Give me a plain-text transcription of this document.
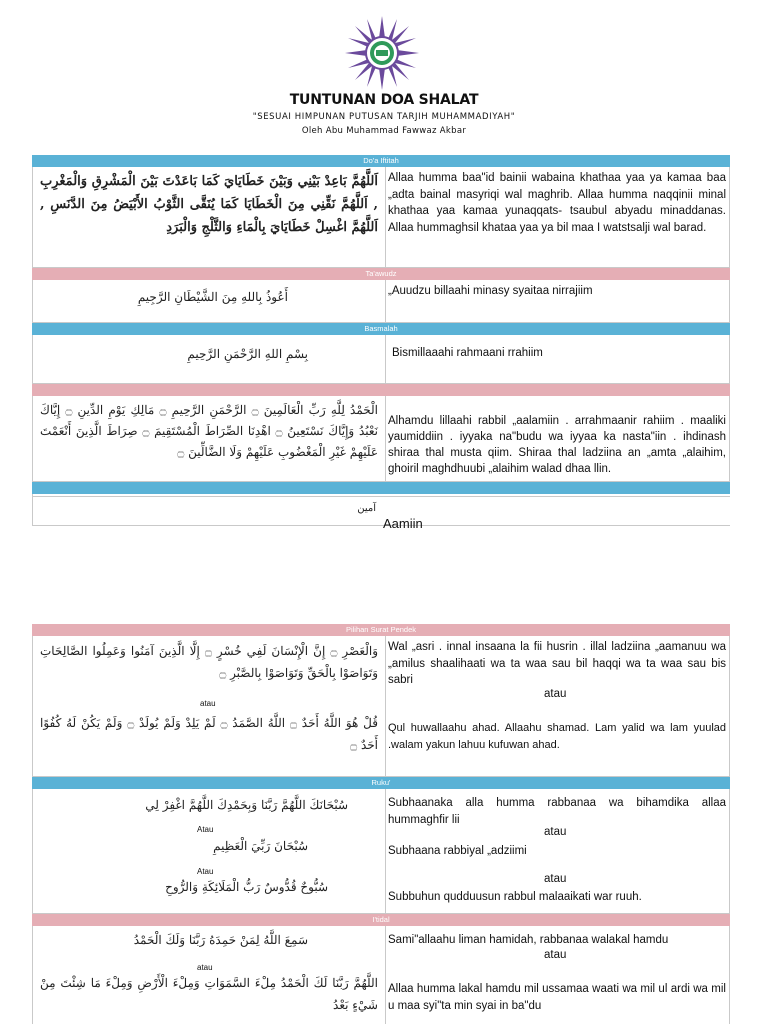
TUNTUNAN DOA SHALAT
"SESUAI HIMPUNAN PUTUSAN TARJIH MUHAMMADIYAH"
Oleh Abu Muhammad Fawwaz Akbar
Do'a Iftitah
اَللَّهُمَّ بَاعِدْ بَيْنِي وَبَيْنَ خَطَايَايَ كَمَا بَاعَدْتَ بَيْنَ الْمَشْرِقِ وَالْمَغْرِبِ , اَللَّهُمَّ نَقِّنِي مِنَ الْخَطَايَا كَمَا يُنَقَّى الثَّوْبُ الأَبْيَضُ مِنَ الدَّنَسِ , اَللَّهُمَّ اغْسِلْ خَطَايَايَ بِالْمَاءِ وَالثَّلْجِ وَالْبَرَدِ
Allaa humma baa"id bainii wabaina khathaa yaa ya kamaa baa „adta bainal masyriqi wal maghrib. Allaa humma naqqinii minal khathaa yaa kamaa yunaqqats- tsaubul abyadu minaddanas. Allaa hummaghsil khataa yaa ya bil maa I watstsalji wal barad.
Ta'awudz
أَعُوذُ بِاللهِ مِنَ الشَّيْطَانِ الرَّجِيمِ	„Auudzu billaahi minasy syaitaa nirrajiim
Basmalah
بِسْمِ اللهِ الرَّحْمَنِ الرَّحِيمِ	Bismillaaahi rahmaani rrahiim
الْحَمْدُ لِلَّهِ رَبِّ الْعَالَمِينَ ۝ الرَّحْمَنِ الرَّحِيمِ ۝ مَالِكِ يَوْمِ الدِّينِ ۝ إِيَّاكَ نَعْبُدُ وَإِيَّاكَ نَسْتَعِينُ ۝ اهْدِنَا الصِّرَاطَ الْمُسْتَقِيمَ ۝ صِرَاطَ الَّذِينَ أَنْعَمْتَ عَلَيْهِمْ غَيْرِ الْمَغْضُوبِ عَلَيْهِمْ وَلَا الضَّالِّينَ ۝
Alhamdu lillaahi rabbil „aalamiin . arrahmaanir rahiim . maaliki yaumiddiin . iyyaka na"budu wa iyyaa ka nasta"iin . ihdinash shiraa thal musta qiim. Shiraa thal ladziina an „amta „alaihim, ghoiril maghdhuubi „alaihim walad dhaa llin.
آمين
Aamiin
Pilihan Surat Pendek
وَالْعَصْرِ ۝ إِنَّ الْإِنْسَانَ لَفِي خُسْرٍ ۝ إِلَّا الَّذِينَ آمَنُوا وَعَمِلُوا الصَّالِحَاتِ وَتَوَاصَوْا بِالْحَقِّ وَتَوَاصَوْا بِالصَّبْرِ ۝
atau
قُلْ هُوَ اللَّهُ أَحَدٌ ۝ اللَّهُ الصَّمَدُ ۝ لَمْ يَلِدْ وَلَمْ يُولَدْ ۝ وَلَمْ يَكُنْ لَهُ كُفُوًا أَحَدٌ ۝
Wal „asri . innal insaana la fii husrin . illal ladziina „aamanuu wa „amilus shaalihaati wa ta waa sau bil haqqi wa ta waa sau bis sabri
atau
Qul huwallaahu ahad. Allaahu shamad. Lam yalid wa lam yuulad .walam yakun lahuu kufuwan ahad.
Ruku'
سُبْحَانَكَ اللَّهُمَّ رَبَّنَا وَبِحَمْدِكَ اللَّهُمَّ اغْفِرْ لِي
Atau
سُبْحَانَ رَبِّيَ الْعَظِيمِ
Atau
سُبُّوحٌ قُدُّوسٌ رَبُّ الْمَلَائِكَةِ وَالرُّوحِ
Subhaanaka alla humma rabbanaa wa bihamdika allaa hummaghfir lii
atau
Subhaana rabbiyal „adziimi
atau
Subbuhun qudduusun rabbul malaaikati war ruuh.
I'tidal
سَمِعَ اللَّهُ لِمَنْ حَمِدَهُ رَبَّنَا وَلَكَ الْحَمْدُ
atau
اللَّهُمَّ رَبَّنَا لَكَ الْحَمْدُ مِلْءَ السَّمَوَاتِ وَمِلْءَ الْأَرْضِ وَمِلْءَ مَا شِئْتَ مِنْ شَيْءٍ بَعْدُ
Sami"allaahu liman hamidah, rabbanaa walakal hamdu
atau
Allaa humma lakal hamdu mil ussamaa waati wa mil ul ardi wa mil u maa syi"ta min syai in ba"du
